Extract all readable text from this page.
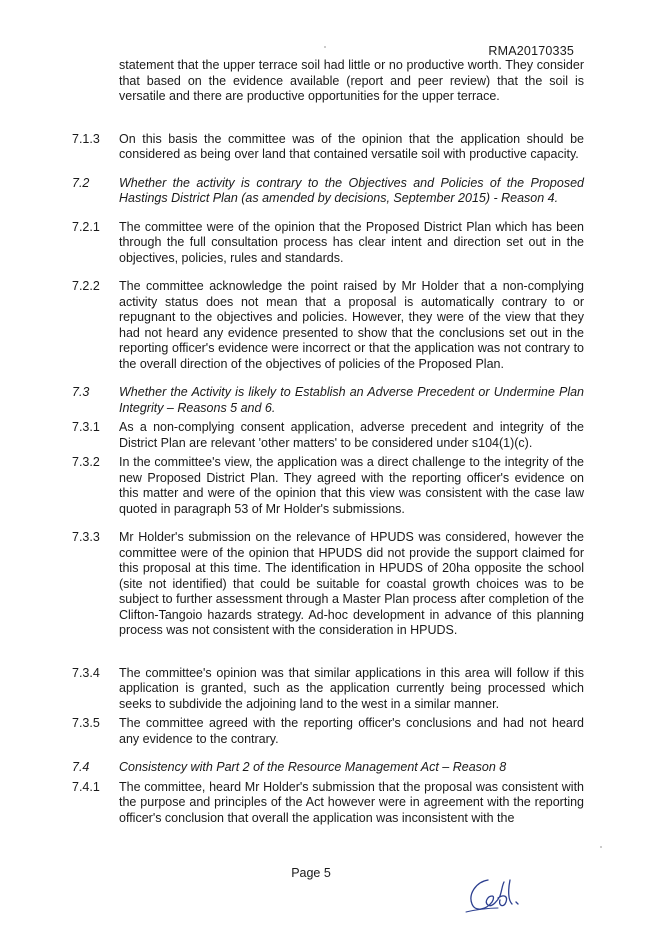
RMA20170335
statement that the upper terrace soil had little or no productive worth. They consider that based on the evidence available (report and peer review) that the soil is versatile and there are productive opportunities for the upper terrace.
7.1.3	On this basis the committee was of the opinion that the application should be considered as being over land that contained versatile soil with productive capacity.
7.2	Whether the activity is contrary to the Objectives and Policies of the Proposed Hastings District Plan (as amended by decisions, September 2015) - Reason 4.
7.2.1	The committee were of the opinion that the Proposed District Plan which has been through the full consultation process has clear intent and direction set out in the objectives, policies, rules and standards.
7.2.2	The committee acknowledge the point raised by Mr Holder that a non-complying activity status does not mean that a proposal is automatically contrary to or repugnant to the objectives and policies. However, they were of the view that they had not heard any evidence presented to show that the conclusions set out in the reporting officer's evidence were incorrect or that the application was not contrary to the overall direction of the objectives of policies of the Proposed Plan.
7.3	Whether the Activity is likely to Establish an Adverse Precedent or Undermine Plan Integrity – Reasons 5 and 6.
7.3.1	As a non-complying consent application, adverse precedent and integrity of the District Plan are relevant 'other matters' to be considered under s104(1)(c).
7.3.2	In the committee's view, the application was a direct challenge to the integrity of the new Proposed District Plan. They agreed with the reporting officer's evidence on this matter and were of the opinion that this view was consistent with the case law quoted in paragraph 53 of Mr Holder's submissions.
7.3.3	Mr Holder's submission on the relevance of HPUDS was considered, however the committee were of the opinion that HPUDS did not provide the support claimed for this proposal at this time. The identification in HPUDS of 20ha opposite the school (site not identified) that could be suitable for coastal growth choices was to be subject to further assessment through a Master Plan process after completion of the Clifton-Tangoio hazards strategy. Ad-hoc development in advance of this planning process was not consistent with the consideration in HPUDS.
7.3.4	The committee's opinion was that similar applications in this area will follow if this application is granted, such as the application currently being processed which seeks to subdivide the adjoining land to the west in a similar manner.
7.3.5	The committee agreed with the reporting officer's conclusions and had not heard any evidence to the contrary.
7.4	Consistency with Part 2 of the Resource Management Act – Reason 8
7.4.1	The committee, heard Mr Holder's submission that the proposal was consistent with the purpose and principles of the Act however were in agreement with the reporting officer's conclusion that overall the application was inconsistent with the
Page 5
